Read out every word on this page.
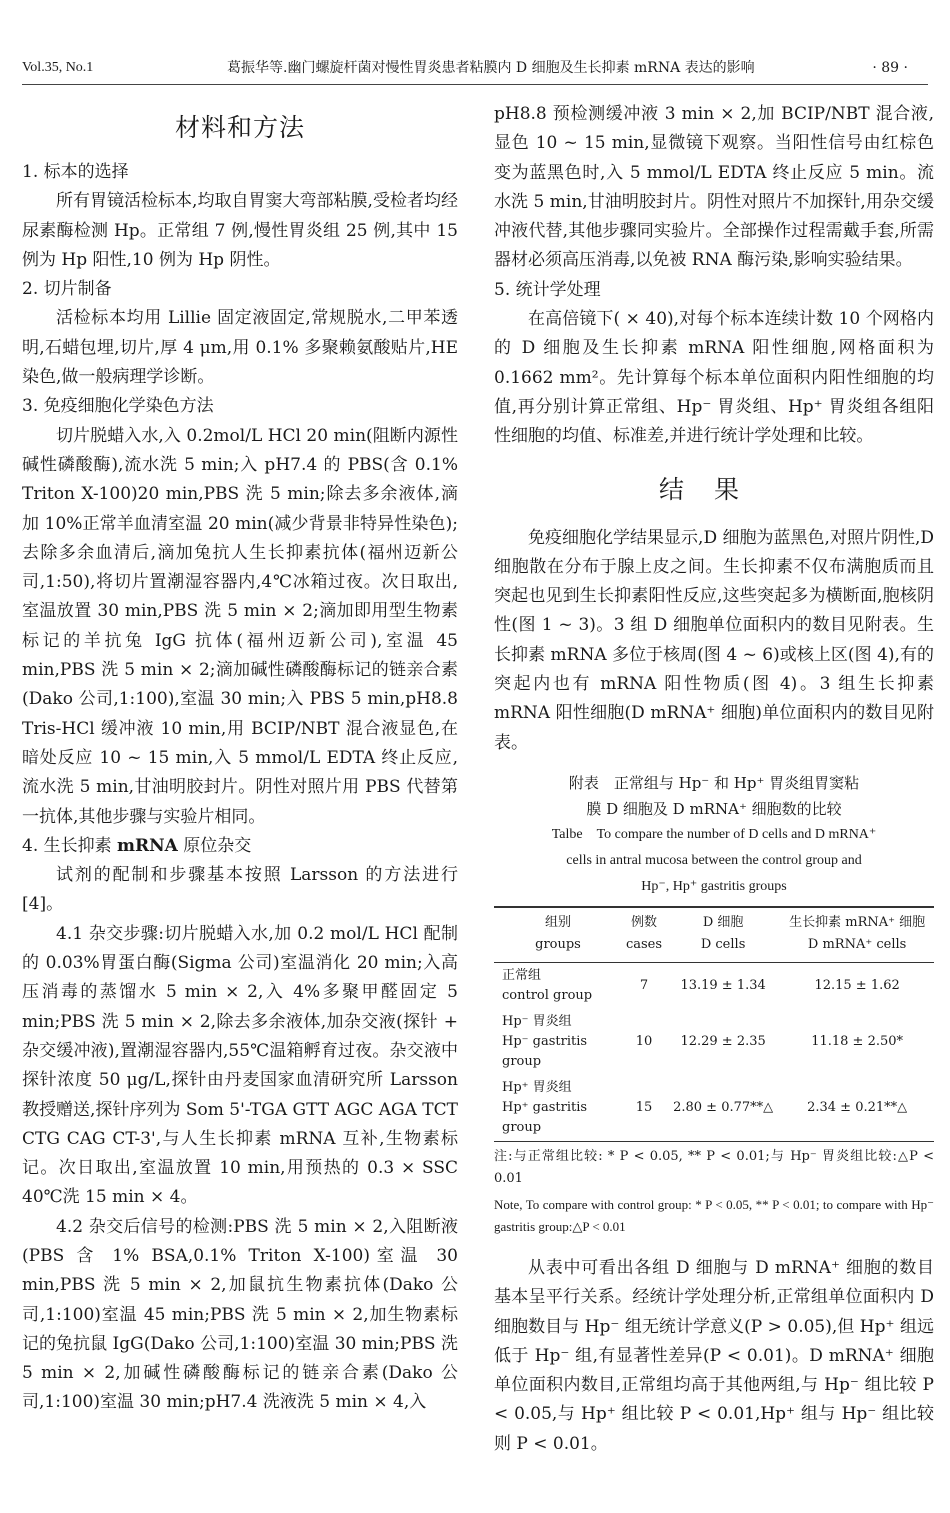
Vol.35, No.1	葛振华等.幽门螺旋杆菌对慢性胃炎患者粘膜内 D 细胞及生长抑素 mRNA 表达的影响	· 89 ·

材料和方法

1. 标本的选择

所有胃镜活检标本,均取自胃窦大弯部粘膜,受检者均经尿素酶检测 Hp。正常组 7 例,慢性胃炎组 25 例,其中 15 例为 Hp 阳性,10 例为 Hp 阴性。

2. 切片制备

活检标本均用 Lillie 固定液固定,常规脱水,二甲苯透明,石蜡包埋,切片,厚 4 μm,用 0.1% 多聚赖氨酸贴片,HE 染色,做一般病理学诊断。

3. 免疫细胞化学染色方法

切片脱蜡入水,入 0.2mol/L HCl 20 min(阻断内源性碱性磷酸酶),流水洗 5 min;入 pH7.4 的 PBS(含 0.1% Triton X-100)20 min,PBS 洗 5 min;除去多余液体,滴加 10%正常羊血清室温 20 min(减少背景非特异性染色);去除多余血清后,滴加兔抗人生长抑素抗体(福州迈新公司,1:50),将切片置潮湿容器内,4℃冰箱过夜。次日取出,室温放置 30 min,PBS 洗 5 min × 2;滴加即用型生物素标记的羊抗兔 IgG 抗体(福州迈新公司),室温 45 min,PBS 洗 5 min × 2;滴加碱性磷酸酶标记的链亲合素(Dako 公司,1:100),室温 30 min;入 PBS 5 min,pH8.8 Tris-HCl 缓冲液 10 min,用 BCIP/NBT 混合液显色,在暗处反应 10 ~ 15 min,入 5 mmol/L EDTA 终止反应,流水洗 5 min,甘油明胶封片。阴性对照片用 PBS 代替第一抗体,其他步骤与实验片相同。

4. 生长抑素 mRNA 原位杂交

试剂的配制和步骤基本按照 Larsson 的方法进行[4]。

4.1 杂交步骤:切片脱蜡入水,加 0.2 mol/L HCl 配制的 0.03%胃蛋白酶(Sigma 公司)室温消化 20 min;入高压消毒的蒸馏水 5 min × 2,入 4%多聚甲醛固定 5 min;PBS 洗 5 min × 2,除去多余液体,加杂交液(探针 + 杂交缓冲液),置潮湿容器内,55℃温箱孵育过夜。杂交液中探针浓度 50 μg/L,探针由丹麦国家血清研究所 Larsson 教授赠送,探针序列为 Som 5'-TGA GTT AGC AGA TCT CTG CAG CT-3',与人生长抑素 mRNA 互补,生物素标记。次日取出,室温放置 10 min,用预热的 0.3 × SSC 40℃洗 15 min × 4。

4.2 杂交后信号的检测:PBS 洗 5 min × 2,入阻断液(PBS 含 1% BSA,0.1% Triton X-100)室温 30 min,PBS 洗 5 min × 2,加鼠抗生物素抗体(Dako 公司,1:100)室温 45 min;PBS 洗 5 min × 2,加生物素标记的兔抗鼠 IgG(Dako 公司,1:100)室温 30 min;PBS 洗 5 min × 2,加碱性磷酸酶标记的链亲合素(Dako 公司,1:100)室温 30 min;pH7.4 洗液洗 5 min × 4,入

pH8.8 预检测缓冲液 3 min × 2,加 BCIP/NBT 混合液,显色 10 ~ 15 min,显微镜下观察。当阳性信号由红棕色变为蓝黑色时,入 5 mmol/L EDTA 终止反应 5 min。流水洗 5 min,甘油明胶封片。阴性对照片不加探针,用杂交缓冲液代替,其他步骤同实验片。全部操作过程需戴手套,所需器材必须高压消毒,以免被 RNA 酶污染,影响实验结果。

5. 统计学处理

在高倍镜下( × 40),对每个标本连续计数 10 个网格内的 D 细胞及生长抑素 mRNA 阳性细胞,网格面积为 0.1662 mm²。先计算每个标本单位面积内阳性细胞的均值,再分别计算正常组、Hp⁻ 胃炎组、Hp⁺ 胃炎组各组阳性细胞的均值、标准差,并进行统计学处理和比较。

结果

免疫细胞化学结果显示,D 细胞为蓝黑色,对照片阴性,D 细胞散在分布于腺上皮之间。生长抑素不仅布满胞质而且突起也见到生长抑素阳性反应,这些突起多为横断面,胞核阴性(图 1 ~ 3)。3 组 D 细胞单位面积内的数目见附表。生长抑素 mRNA 多位于核周(图 4 ~ 6)或核上区(图 4),有的突起内也有 mRNA 阳性物质(图 4)。3 组生长抑素 mRNA 阳性细胞(D mRNA⁺ 细胞)单位面积内的数目见附表。

附表　正常组与 Hp⁻ 和 Hp⁺ 胃炎组胃窦粘

膜 D 细胞及 D mRNA⁺ 细胞数的比较

Talbe　To compare the number of D cells and D mRNA⁺

cells in antral mucosa between the control group and

Hp⁻, Hp⁺ gastritis groups

组别
groups	例数
cases	D 细胞
D cells	生长抑素 mRNA⁺ 细胞
D mRNA⁺ cells
正常组
control group	7	13.19 ± 1.34	12.15 ± 1.62
Hp⁻ 胃炎组
Hp⁻ gastritis group	10	12.29 ± 2.35	11.18 ± 2.50*
Hp⁺ 胃炎组
Hp⁺ gastritis group	15	2.80 ± 0.77**△	2.34 ± 0.21**△

注:与正常组比较: * P < 0.05, ** P < 0.01;与 Hp⁻ 胃炎组比较:△P < 0.01

Note, To compare with control group: * P < 0.05, ** P < 0.01; to compare with Hp⁻ gastritis group:△P < 0.01

从表中可看出各组 D 细胞与 D mRNA⁺ 细胞的数目基本呈平行关系。经统计学处理分析,正常组单位面积内 D 细胞数目与 Hp⁻ 组无统计学意义(P > 0.05),但 Hp⁺ 组远低于 Hp⁻ 组,有显著性差异(P < 0.01)。D mRNA⁺ 细胞单位面积内数目,正常组均高于其他两组,与 Hp⁻ 组比较 P < 0.05,与 Hp⁺ 组比较 P < 0.01,Hp⁺ 组与 Hp⁻ 组比较则 P < 0.01。
